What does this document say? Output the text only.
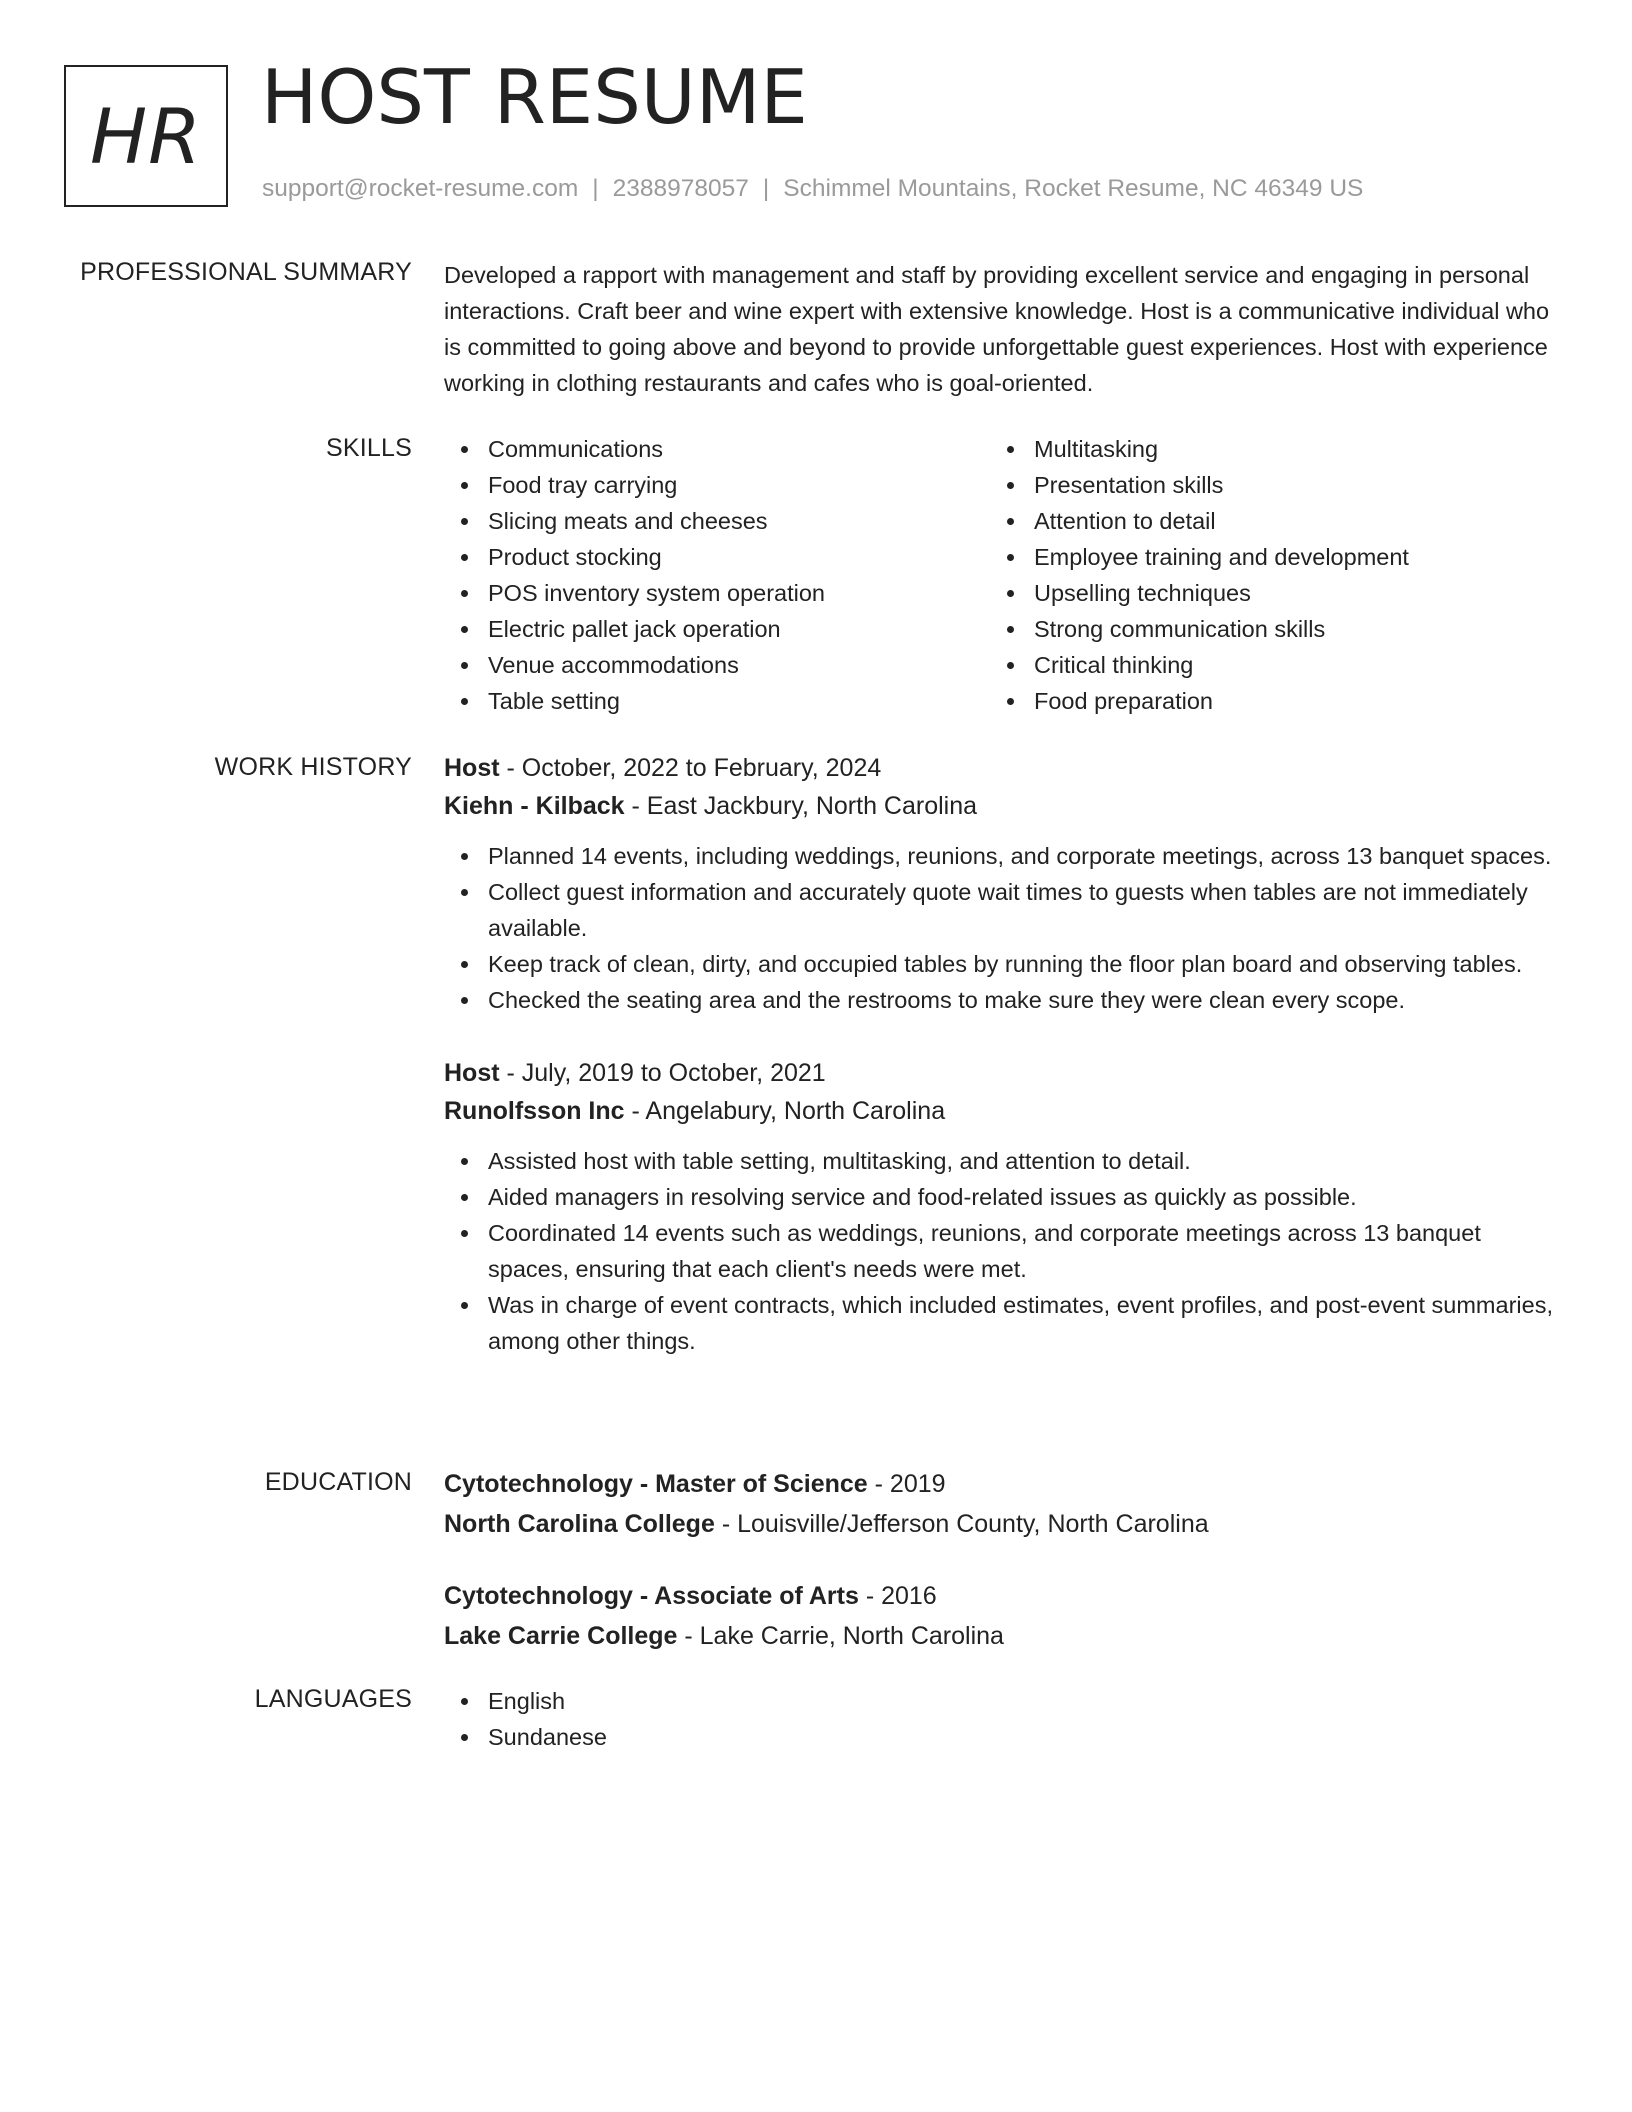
HR HOST RESUME
support@rocket-resume.com | 2388978057 | Schimmel Mountains, Rocket Resume, NC 46349 US
PROFESSIONAL SUMMARY Developed a rapport with management and staff by providing excellent service and engaging in personal interactions. Craft beer and wine expert with extensive knowledge. Host is a communicative individual who is committed to going above and beyond to provide unforgettable guest experiences. Host with experience working in clothing restaurants and cafes who is goal-oriented.
SKILLS	Communications
Food tray carrying
Slicing meats and cheeses
Product stocking
POS inventory system operation
Electric pallet jack operation
Venue accommodations
Table setting
Multitasking
Presentation skills
Attention to detail
Employee training and development
Upselling techniques
Strong communication skills
Critical thinking
Food preparation
WORK HISTORY Host - October, 2022 to February, 2024
Kiehn - Kilback - East Jackbury, North Carolina
Planned 14 events, including weddings, reunions, and corporate meetings, across 13 banquet spaces.
Collect guest information and accurately quote wait times to guests when tables are not immediately available.
Keep track of clean, dirty, and occupied tables by running the floor plan board and observing tables.
Checked the seating area and the restrooms to make sure they were clean every scope.
Host - July, 2019 to October, 2021
Runolfsson Inc - Angelabury, North Carolina
Assisted host with table setting, multitasking, and attention to detail.
Aided managers in resolving service and food-related issues as quickly as possible.
Coordinated 14 events such as weddings, reunions, and corporate meetings across 13 banquet spaces, ensuring that each client's needs were met.
Was in charge of event contracts, which included estimates, event profiles, and post-event summaries, among other things.
EDUCATION Cytotechnology - Master of Science - 2019
North Carolina College - Louisville/Jefferson County, North Carolina
Cytotechnology - Associate of Arts - 2016
Lake Carrie College - Lake Carrie, North Carolina
LANGUAGES	English
Sundanese
